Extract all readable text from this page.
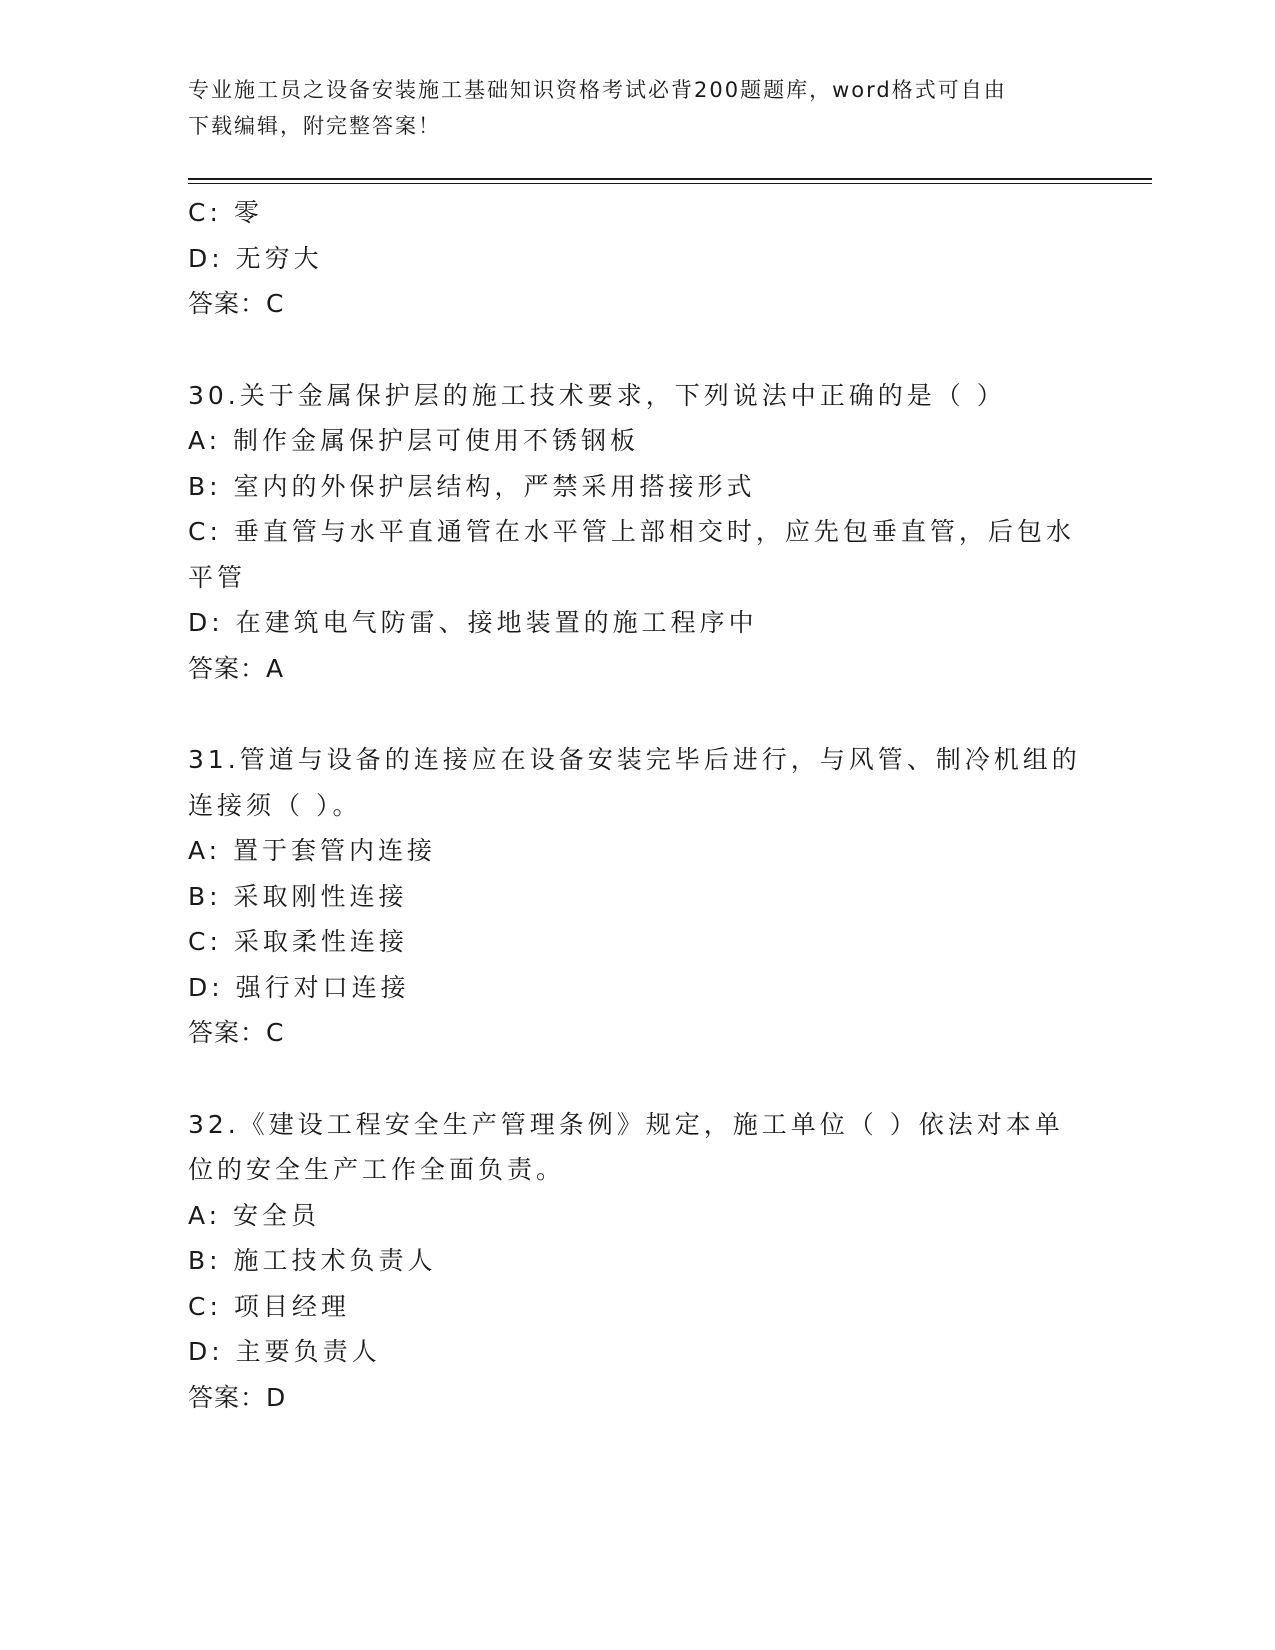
专业施工员之设备安装施工基础知识资格考试必背200题题库，word格式可自由
下载编辑，附完整答案！
C: 零
D: 无穷大
答案：C
30.关于金属保护层的施工技术要求，下列说法中正确的是（ ）
A: 制作金属保护层可使用不锈钢板
B: 室内的外保护层结构，严禁采用搭接形式
C: 垂直管与水平直通管在水平管上部相交时，应先包垂直管，后包水
平管
D: 在建筑电气防雷、接地装置的施工程序中
答案：A
31.管道与设备的连接应在设备安装完毕后进行，与风管、制冷机组的
连接须（ ）。
A: 置于套管内连接
B: 采取刚性连接
C: 采取柔性连接
D: 强行对口连接
答案：C
32.《建设工程安全生产管理条例》规定，施工单位（ ）依法对本单
位的安全生产工作全面负责。
A: 安全员
B: 施工技术负责人
C: 项目经理
D: 主要负责人
答案：D
